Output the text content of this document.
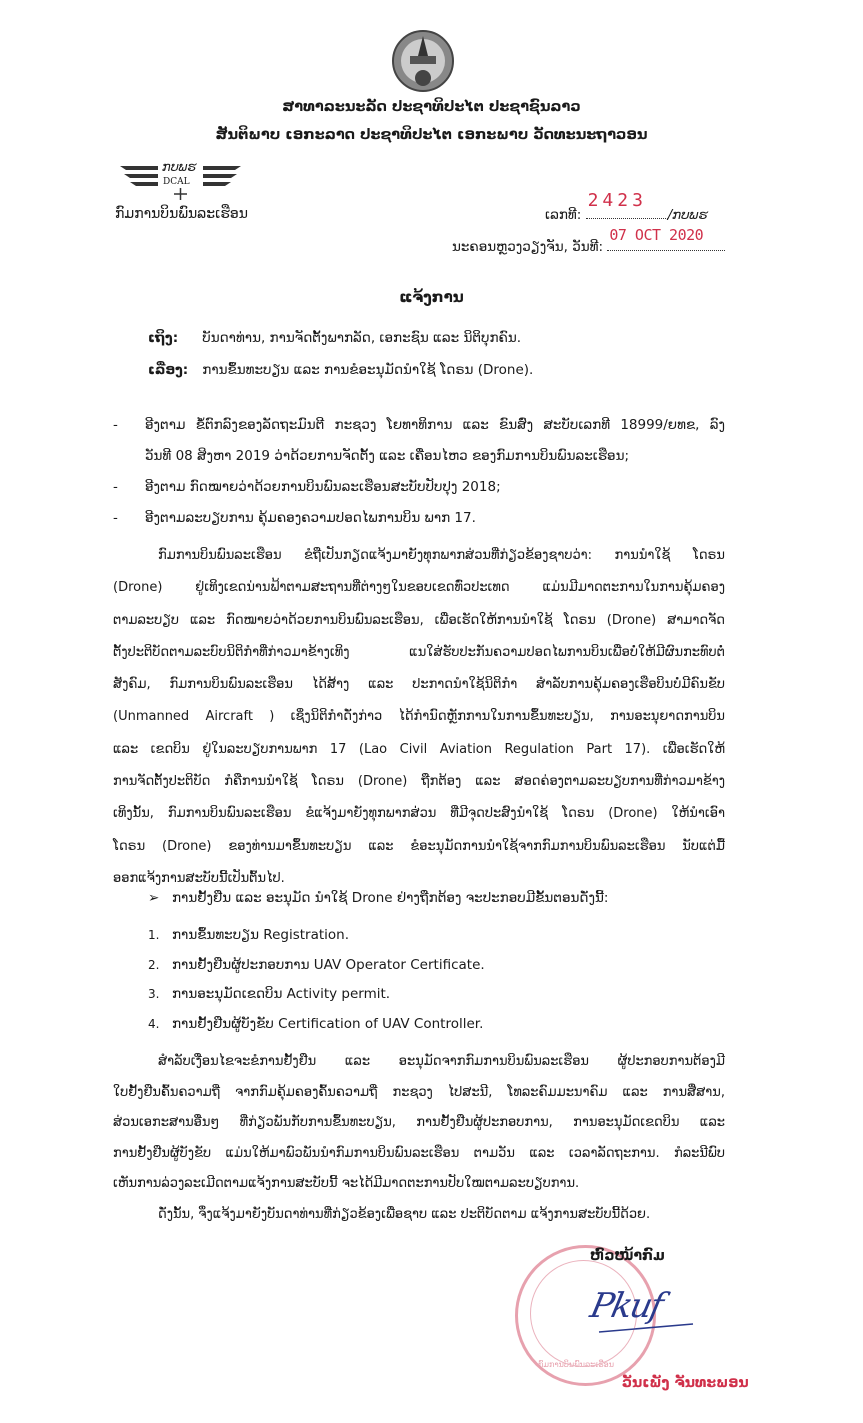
ສາທາລະນະລັດ ປະຊາທິປະໄຕ ປະຊາຊົນລາວ
ສັນຕິພາບ ເອກະລາດ ປະຊາທິປະໄຕ ເອກະພາບ ວັດທະນະຖາວອນ
ກບພຮ
DCAL
ກົມການບິນພົນລະເຮືອນ	ເລກທີ:
2423
/ກບພຮ
ນະຄອນຫຼວງວຽງຈັນ, ວັນທີ:
07 OCT 2020
ແຈ້ງການ
ເຖິງ: ບັນດາທ່ານ, ການຈັດຕັ້ງພາກລັດ, ເອກະຊົນ ແລະ ນິຕິບຸກຄົນ.
ເລື່ອງ: ການຂຶ້ນທະບຽນ ແລະ ການຂໍອະນຸມັດນຳໃຊ້ ໂດຣນ (Drone).
- ອີງຕາມ ຂໍ້ຕົກລົງຂອງລັດຖະມົນຕີ ກະຊວງ ໂຍທາທິການ ແລະ ຂົນສົ່ງ ສະບັບເລກທີ 18999/ຍທຂ, ລົງ
ວັນທີ 08 ສິງຫາ 2019 ວ່າດ້ວຍການຈັດຕັ້ງ ແລະ ເຄື່ອນໄຫວ ຂອງກົມການບິນພົນລະເຮືອນ;
- ອີງຕາມ ກົດໝາຍວ່າດ້ວຍການບິນພົນລະເຮືອນສະບັບປັບປຸງ 2018;
- ອີງຕາມລະບຽບການ ຄຸ້ມຄອງຄວາມປອດໄພການບິນ ພາກ 17.
ກົມການບິນພົນລະເຮືອນ ຂໍຖືເປັນກຽດແຈ້ງມາຍັງທຸກພາກສ່ວນທີ່ກ່ຽວຂ້ອງຊາບວ່າ: ການນຳໃຊ້ ໂດຣນ
(Drone) ຢູ່ເທິງເຂດນ່ານຟ້າຕາມສະຖານທີ່ຕ່າງໆໃນຂອບເຂດທົ່ວປະເທດ ແມ່ນມີມາດຕະການໃນການຄຸ້ມຄອງ
ຕາມລະບຽບ ແລະ ກົດໝາຍວ່າດ້ວຍການບິນພົນລະເຮືອນ, ເພື່ອເຮັດໃຫ້ການນຳໃຊ້ ໂດຣນ (Drone) ສາມາດຈັດ
ຕັ້ງປະຕິບັດຕາມລະບົບນິຕິກຳທີ່ກ່າວມາຂ້າງເທິງ ແນໃສ່ຮັບປະກັນຄວາມປອດໄພການບິນເພື່ອບໍ່ໃຫ້ມີຜົນກະທົບຕໍ່
ສັງຄົມ, ກົມການບິນພົນລະເຮືອນ ໄດ້ສ້າງ ແລະ ປະກາດນຳໃຊ້ນິຕິກຳ ສຳລັບການຄຸ້ມຄອງເຮືອບິນບໍ່ມີຄົນຂັບ
(Unmanned Aircraft ) ເຊິ່ງນິຕິກຳດັ່ງກ່າວ ໄດ້ກຳນົດຫຼັກການໃນການຂຶ້ນທະບຽນ, ການອະນຸຍາດການບິນ
ແລະ ເຂດບິນ ຢູ່ໃນລະບຽບການພາກ 17 (Lao Civil Aviation Regulation Part 17). ເພື່ອເຮັດໃຫ້
ການຈັດຕັ້ງປະຕິບັດ ກໍຄືການນຳໃຊ້ ໂດຣນ (Drone) ຖືກຕ້ອງ ແລະ ສອດຄ່ອງຕາມລະບຽບການທີ່ກ່າວມາຂ້າງ
ເທິງນັ້ນ, ກົມການບິນພົນລະເຮືອນ ຂໍແຈ້ງມາຍັງທຸກພາກສ່ວນ ທີ່ມີຈຸດປະສົງນຳໃຊ້ ໂດຣນ (Drone) ໃຫ້ນຳເອົາ
ໂດຣນ (Drone) ຂອງທ່ານມາຂຶ້ນທະບຽນ ແລະ ຂໍອະນຸມັດການນຳໃຊ້ຈາກກົມການບິນພົນລະເຮືອນ ນັບແຕ່ມື້
ອອກແຈ້ງການສະບັບນີ້ເປັນຕົ້ນໄປ.
➢ ການຢັ້ງຢືນ ແລະ ອະນຸມັດ ນຳໃຊ້ Drone ຢ່າງຖືກຕ້ອງ ຈະປະກອບມີຂັ້ນຕອນດັ່ງນີ້:
1. ການຂຶ້ນທະບຽນ Registration.
2. ການຢັ້ງຢືນຜູ້ປະກອບການ UAV Operator Certificate.
3. ການອະນຸມັດເຂດບິນ Activity permit.
4. ການຢັ້ງຢືນຜູ້ບັງຂັບ Certification of UAV Controller.
ສຳລັບເງື່ອນໄຂຈະຂໍການຢັ້ງຢືນ ແລະ ອະນຸມັດຈາກກົມການບິນພົນລະເຮືອນ ຜູ້ປະກອບການຕ້ອງມີ
ໃບຢັ້ງຢືນຄົ້ນຄວາມຖີ່ ຈາກກົມຄຸ້ມຄອງຄົ້ນຄວາມຖີ່ ກະຊວງ ໄປສະນີ, ໂທລະຄົມມະນາຄົມ ແລະ ການສື່ສານ,
ສ່ວນເອກະສານອື່ນໆ ທີ່ກ່ຽວພັນກັບການຂຶ້ນທະບຽນ, ການຢັ້ງຢືນຜູ້ປະກອບການ, ການອະນຸມັດເຂດບິນ ແລະ
ການຢັ້ງຢືນຜູ້ບັງຂັບ ແມ່ນໃຫ້ມາພົວພັນນຳກົມການບິນພົນລະເຮືອນ ຕາມວັນ ແລະ ເວລາລັດຖະການ. ກໍລະນີພົບ
ເຫັນການລ່ວງລະເມີດຕາມແຈ້ງການສະບັບນີ້ ຈະໄດ້ມີມາດຕະການປັບໃໝຕາມລະບຽບການ.
ດັ່ງນັ້ນ, ຈຶ່ງແຈ້ງມາຍັງບັນດາທ່ານທີ່ກ່ຽວຂ້ອງເພື່ອຊາບ ແລະ ປະຕິບັດຕາມ ແຈ້ງການສະບັບນີ້ດ້ວຍ.
ກົມການບິນພົນລະເຮືອນ
ຫົວໜ້າກົມ
Pkuf
ວັນເພັງ ຈັນທະພອນ
